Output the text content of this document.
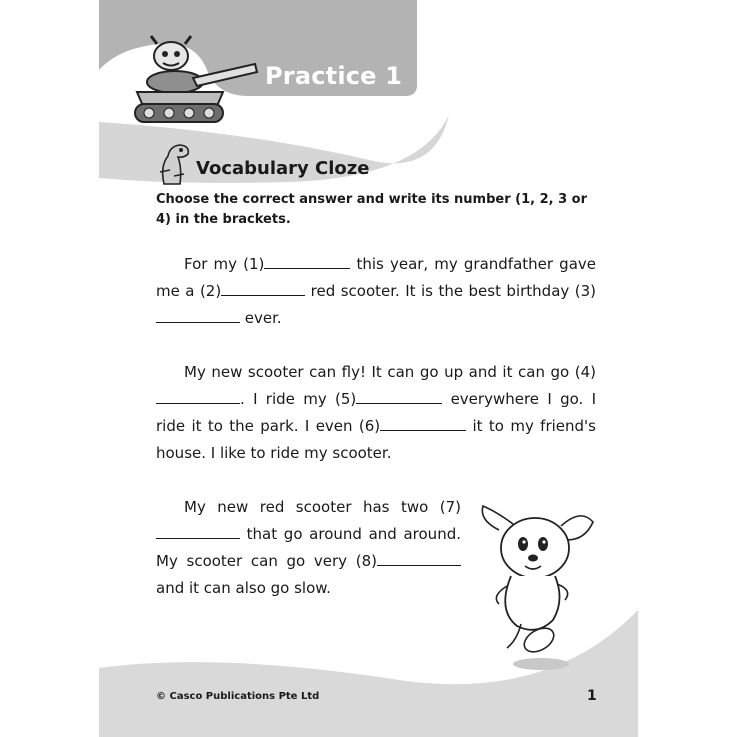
Practice 1
Vocabulary Cloze
Choose the correct answer and write its number (1, 2, 3 or 4) in the brackets.
For my (1)	this year, my grandfather gave me a (2)	red scooter. It is the best birthday (3) ever.
My new scooter can fly! It can go up and it can go (4). I ride my (5)	everywhere I go. I ride it to the park. I even (6)	it to my friend's house. I like to ride my scooter.
My new red scooter has two (7) that go around and around. My scooter can go very (8) and it can also go slow.
© Casco Publications Pte Ltd	1
